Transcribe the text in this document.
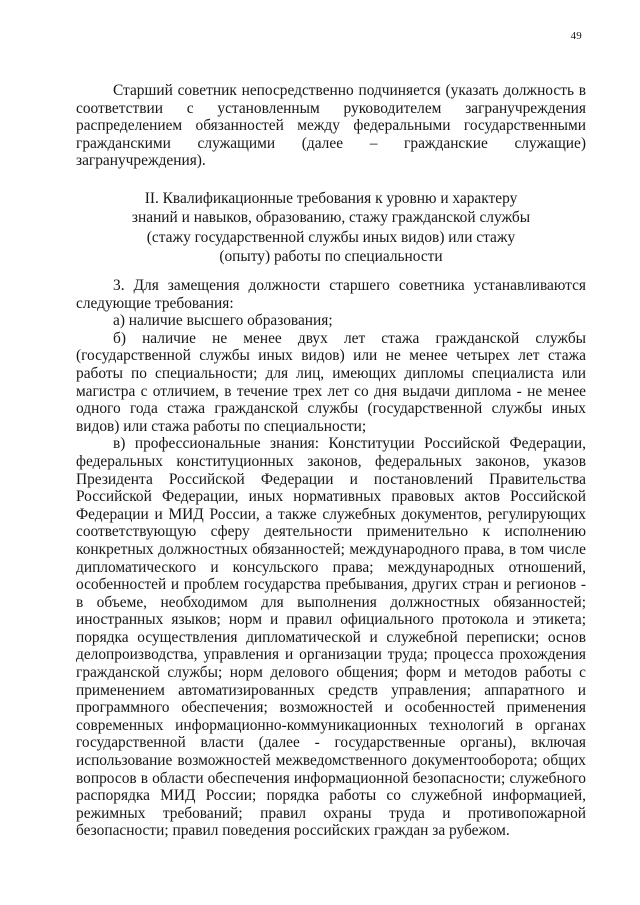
49

Старший советник непосредственно подчиняется (указать должность в соответствии с установленным руководителем загранучреждения распределением обязанностей между федеральными государственными гражданскими служащими (далее – гражданские служащие) загранучреждения).

II. Квалификационные требования к уровню и характеру
знаний и навыков, образованию, стажу гражданской службы
(стажу государственной службы иных видов) или стажу
(опыту) работы по специальности

3. Для замещения должности старшего советника устанавливаются следующие требования:

а) наличие высшего образования;

б) наличие не менее двух лет стажа гражданской службы (государственной службы иных видов) или не менее четырех лет стажа работы по специальности; для лиц, имеющих дипломы специалиста или магистра с отличием, в течение трех лет со дня выдачи диплома - не менее одного года стажа гражданской службы (государственной службы иных видов) или стажа работы по специальности;

в) профессиональные знания: Конституции Российской Федерации, федеральных конституционных законов, федеральных законов, указов Президента Российской Федерации и постановлений Правительства Российской Федерации, иных нормативных правовых актов Российской Федерации и МИД России, а также служебных документов, регулирующих соответствующую сферу деятельности применительно к исполнению конкретных должностных обязанностей; международного права, в том числе дипломатического и консульского права; международных отношений, особенностей и проблем государства пребывания, других стран и регионов - в объеме, необходимом для выполнения должностных обязанностей; иностранных языков; норм и правил официального протокола и этикета; порядка осуществления дипломатической и служебной переписки; основ делопроизводства, управления и организации труда; процесса прохождения гражданской службы; норм делового общения; форм и методов работы с применением автоматизированных средств управления; аппаратного и программного обеспечения; возможностей и особенностей применения современных информационно-коммуникационных технологий в органах государственной власти (далее - государственные органы), включая использование возможностей межведомственного документооборота; общих вопросов в области обеспечения информационной безопасности; служебного распорядка МИД России; порядка работы со служебной информацией, режимных требований; правил охраны труда и противопожарной безопасности; правил поведения российских граждан за рубежом.
